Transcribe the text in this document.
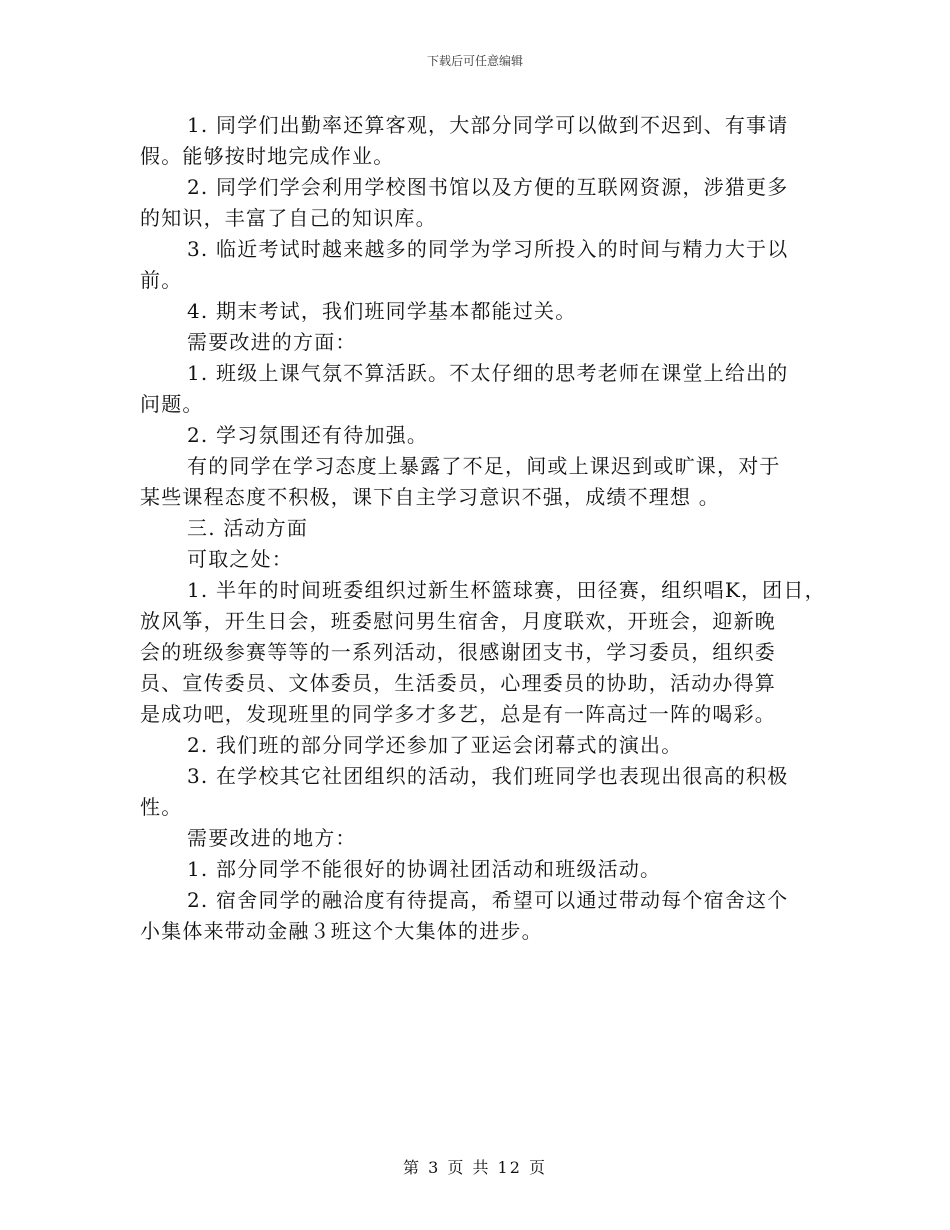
下载后可任意编辑
1. 同学们出勤率还算客观，大部分同学可以做到不迟到、有事请
假。能够按时地完成作业。
2. 同学们学会利用学校图书馆以及方便的互联网资源，涉猎更多
的知识，丰富了自己的知识库。
3. 临近考试时越来越多的同学为学习所投入的时间与精力大于以
前。
4. 期末考试，我们班同学基本都能过关。
需要改进的方面：
1. 班级上课气氛不算活跃。不太仔细的思考老师在课堂上给出的
问题。
2. 学习氛围还有待加强。
有的同学在学习态度上暴露了不足，间或上课迟到或旷课，对于
某些课程态度不积极，课下自主学习意识不强，成绩不理想 。
三. 活动方面
可取之处：
1. 半年的时间班委组织过新生杯篮球赛，田径赛，组织唱K，团日，
放风筝，开生日会，班委慰问男生宿舍，月度联欢，开班会，迎新晚
会的班级参赛等等的一系列活动，很感谢团支书，学习委员，组织委
员、宣传委员、文体委员，生活委员，心理委员的协助，活动办得算
是成功吧，发现班里的同学多才多艺，总是有一阵高过一阵的喝彩。
2. 我们班的部分同学还参加了亚运会闭幕式的演出。
3. 在学校其它社团组织的活动，我们班同学也表现出很高的积极
性。
需要改进的地方：
1. 部分同学不能很好的协调社团活动和班级活动。
2. 宿舍同学的融洽度有待提高，希望可以通过带动每个宿舍这个
小集体来带动金融３班这个大集体的进步。
第 3 页 共 12 页
